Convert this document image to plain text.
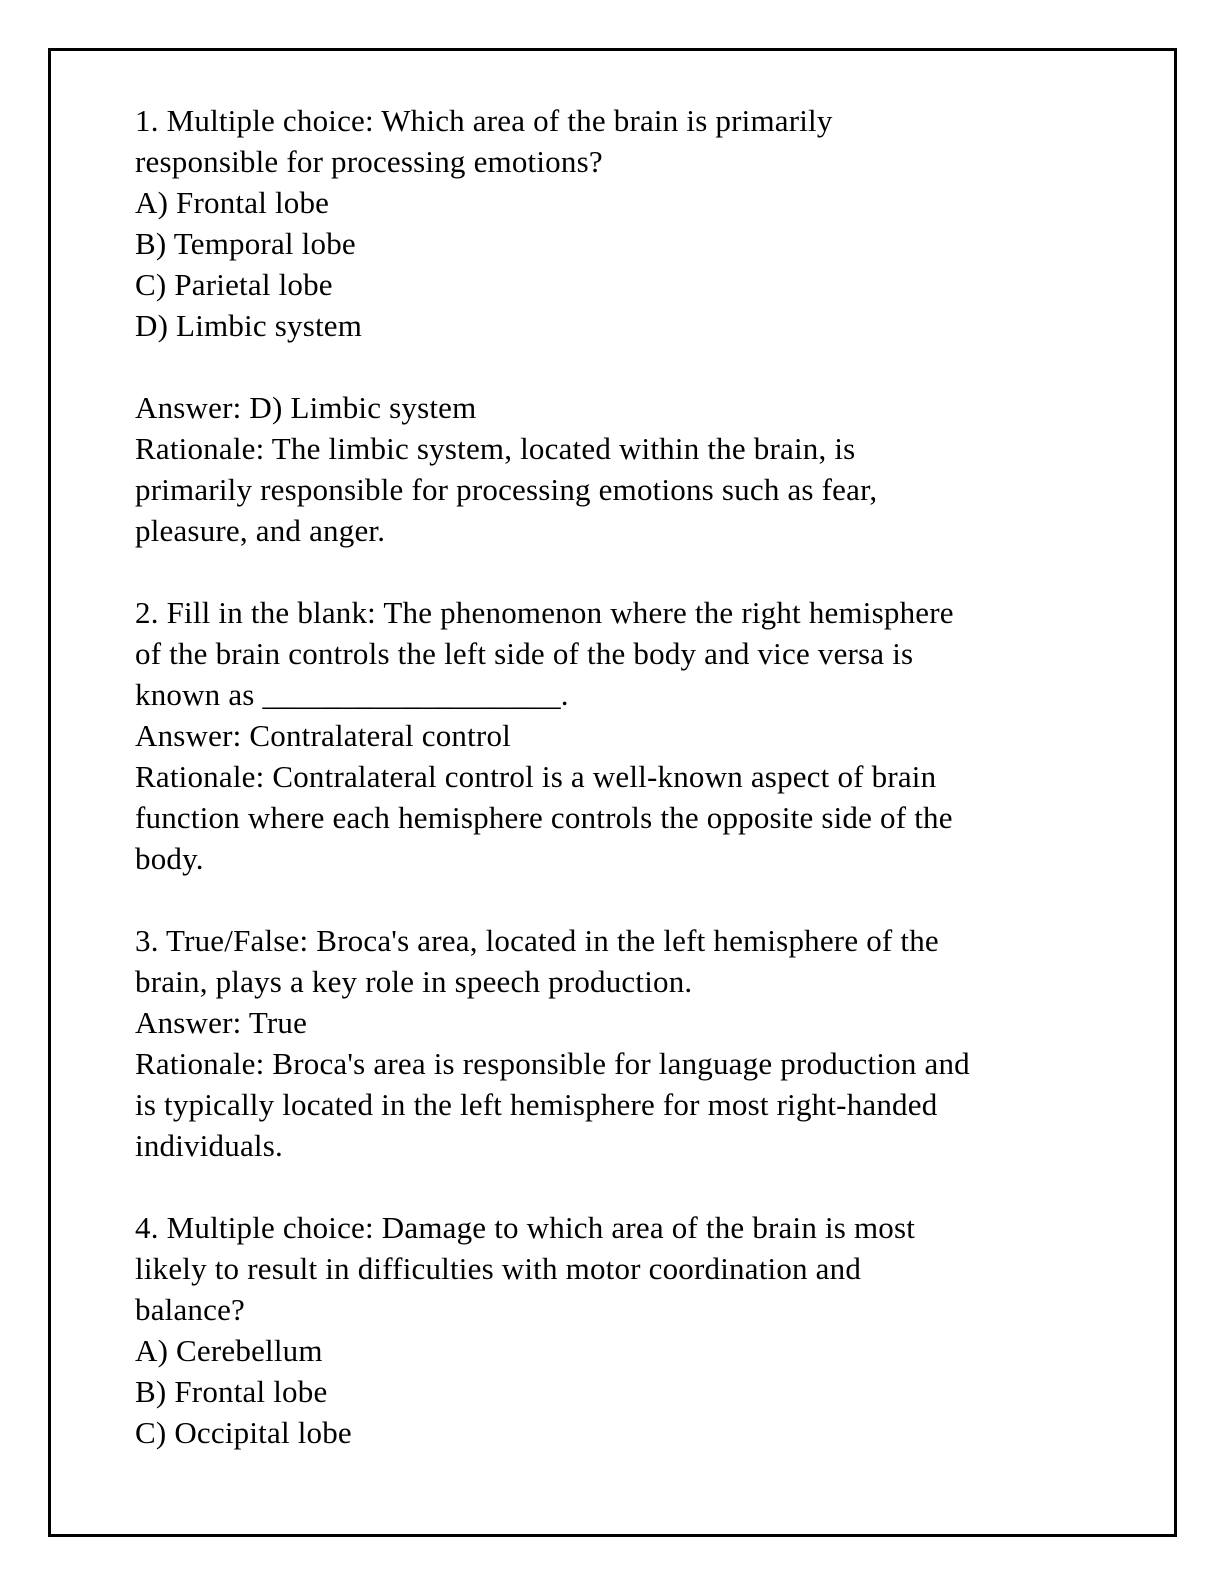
1. Multiple choice: Which area of the brain is primarily
responsible for processing emotions?
A) Frontal lobe
B) Temporal lobe
C) Parietal lobe
D) Limbic system
Answer: D) Limbic system
Rationale: The limbic system, located within the brain, is
primarily responsible for processing emotions such as fear,
pleasure, and anger.
2. Fill in the blank: The phenomenon where the right hemisphere
of the brain controls the left side of the body and vice versa is
known as ___________________.
Answer: Contralateral control
Rationale: Contralateral control is a well-known aspect of brain
function where each hemisphere controls the opposite side of the
body.
3. True/False: Broca's area, located in the left hemisphere of the
brain, plays a key role in speech production.
Answer: True
Rationale: Broca's area is responsible for language production and
is typically located in the left hemisphere for most right-handed
individuals.
4. Multiple choice: Damage to which area of the brain is most
likely to result in difficulties with motor coordination and
balance?
A) Cerebellum
B) Frontal lobe
C) Occipital lobe
